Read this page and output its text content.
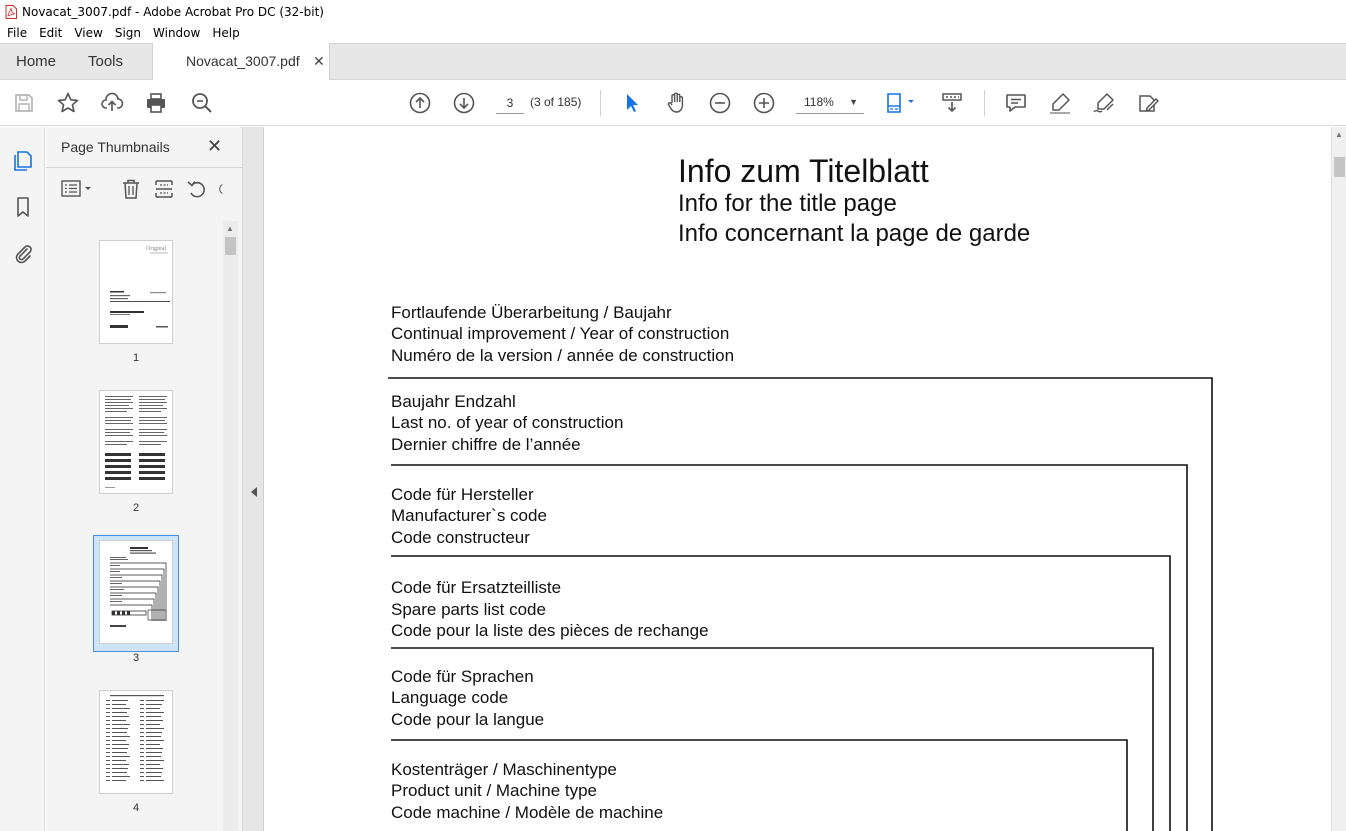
Novacat_3007.pdf - Adobe Acrobat Pro DC (32-bit)
File	Edit	View	Sign	Window	Help
Home Tools	Novacat_3007.pdf ✕
3
(3 of 185)	118% ▼
Page Thumbnails ✕
▲
Original
1
2
3
4
Info zum Titelblatt
Info for the title page
Info concernant la page de garde
Fortlaufende Überarbeitung / Baujahr
Continual improvement / Year of construction
Numéro de la version / année de construction
Baujahr Endzahl
Last no. of year of construction
Dernier chiffre de l’année
Code für Hersteller
Manufacturer`s code
Code constructeur
Code für Ersatzteilliste
Spare parts list code
Code pour la liste des pièces de rechange
Code für Sprachen
Language code
Code pour la langue
Kostenträger / Maschinentype
Product unit / Machine type
Code machine / Modèle de machine
▲
